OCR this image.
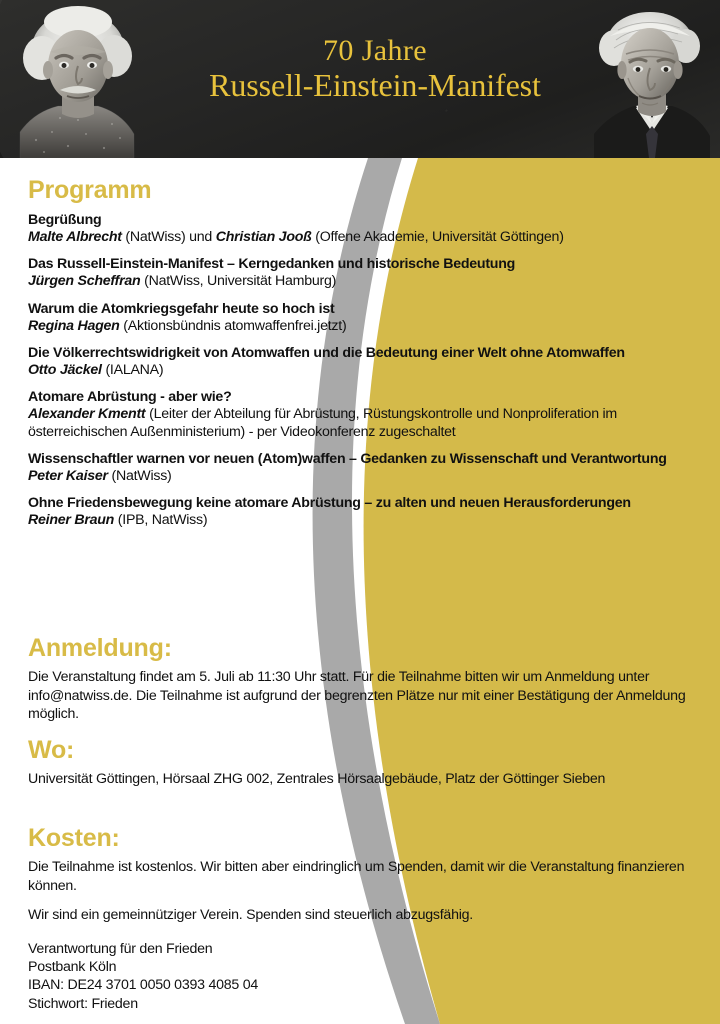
70 Jahre
Russell-Einstein-Manifest
Programm
Begrüßung
Malte Albrecht (NatWiss) und Christian Jooß (Offene Akademie, Universität Göttingen)
Das Russell-Einstein-Manifest – Kerngedanken und historische Bedeutung
Jürgen Scheffran (NatWiss, Universität Hamburg)
Warum die Atomkriegsgefahr heute so hoch ist
Regina Hagen (Aktionsbündnis atomwaffenfrei.jetzt)
Die Völkerrechtswidrigkeit von Atomwaffen und die Bedeutung einer Welt ohne Atomwaffen
Otto Jäckel (IALANA)
Atomare Abrüstung - aber wie?
Alexander Kmentt (Leiter der Abteilung für Abrüstung, Rüstungskontrolle und Nonproliferation im österreichischen Außenministerium) - per Videokonferenz zugeschaltet
Wissenschaftler warnen vor neuen (Atom)waffen – Gedanken zu Wissenschaft und Verantwortung
Peter Kaiser (NatWiss)
Ohne Friedensbewegung keine atomare Abrüstung – zu alten und neuen Herausforderungen
Reiner Braun (IPB, NatWiss)
Anmeldung:
Die Veranstaltung findet am 5. Juli ab 11:30 Uhr statt. Für die Teilnahme bitten wir um Anmeldung unter info@natwiss.de. Die Teilnahme ist aufgrund der begrenzten Plätze nur mit einer Bestätigung der Anmeldung möglich.
Wo:
Universität Göttingen, Hörsaal ZHG 002, Zentrales Hörsaalgebäude, Platz der Göttinger Sieben
Kosten:
Die Teilnahme ist kostenlos. Wir bitten aber eindringlich um Spenden, damit wir die Veranstaltung finanzieren können.
Wir sind ein gemeinnütziger Verein. Spenden sind steuerlich abzugsfähig.
Verantwortung für den Frieden
Postbank Köln
IBAN: DE24 3701 0050 0393 4085 04
Stichwort: Frieden
